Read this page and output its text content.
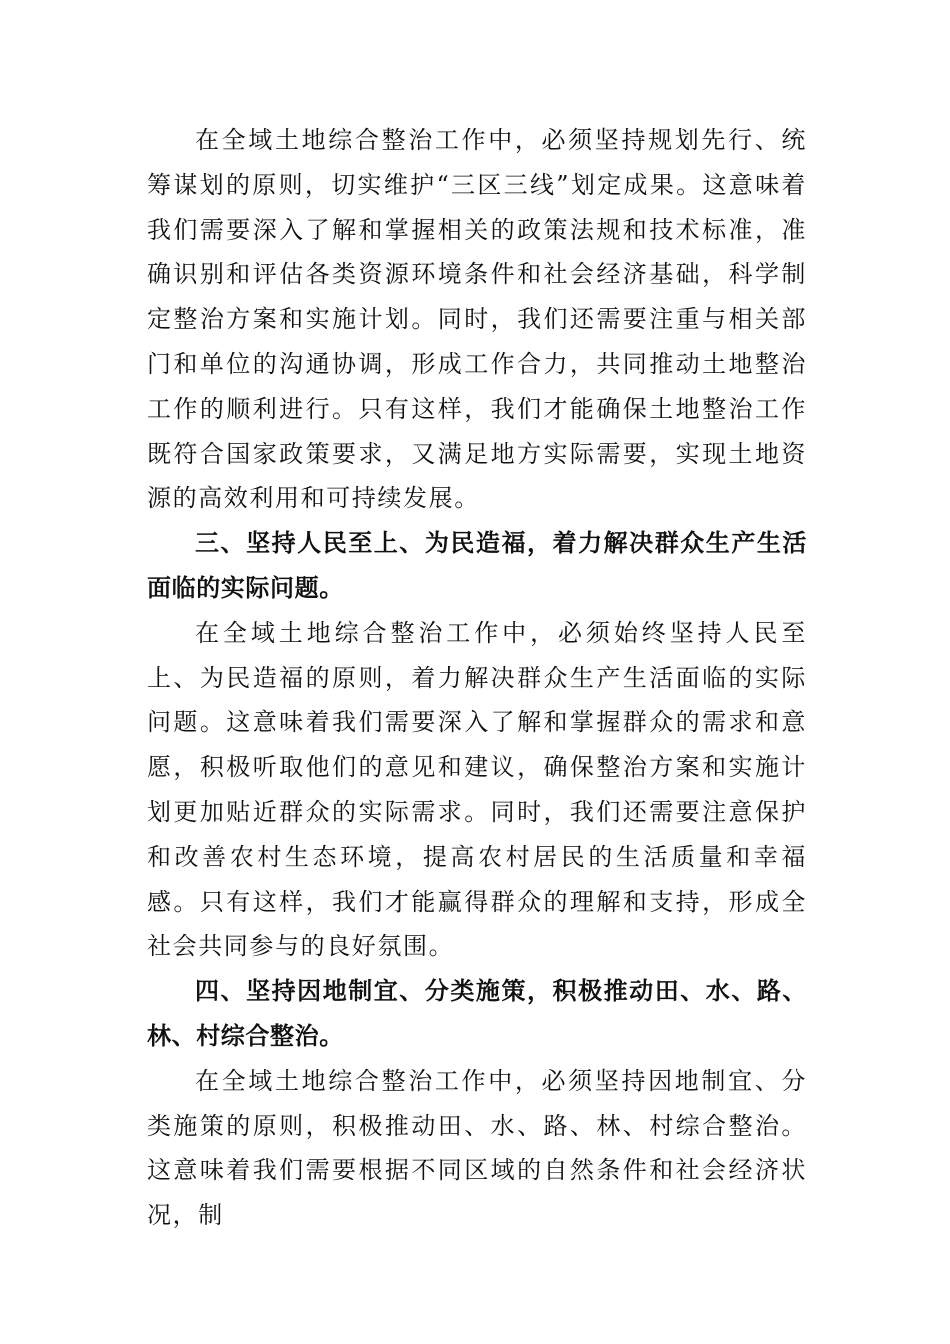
在全域土地综合整治工作中，必须坚持规划先行、统筹谋划的原则，切实维护“三区三线”划定成果。这意味着我们需要深入了解和掌握相关的政策法规和技术标准，准确识别和评估各类资源环境条件和社会经济基础，科学制定整治方案和实施计划。同时，我们还需要注重与相关部门和单位的沟通协调，形成工作合力，共同推动土地整治工作的顺利进行。只有这样，我们才能确保土地整治工作既符合国家政策要求，又满足地方实际需要，实现土地资源的高效利用和可持续发展。

三、坚持人民至上、为民造福，着力解决群众生产生活面临的实际问题。

在全域土地综合整治工作中，必须始终坚持人民至上、为民造福的原则，着力解决群众生产生活面临的实际问题。这意味着我们需要深入了解和掌握群众的需求和意愿，积极听取他们的意见和建议，确保整治方案和实施计划更加贴近群众的实际需求。同时，我们还需要注意保护和改善农村生态环境，提高农村居民的生活质量和幸福感。只有这样，我们才能赢得群众的理解和支持，形成全社会共同参与的良好氛围。

四、坚持因地制宜、分类施策，积极推动田、水、路、林、村综合整治。

在全域土地综合整治工作中，必须坚持因地制宜、分类施策的原则，积极推动田、水、路、林、村综合整治。这意味着我们需要根据不同区域的自然条件和社会经济状况，制
